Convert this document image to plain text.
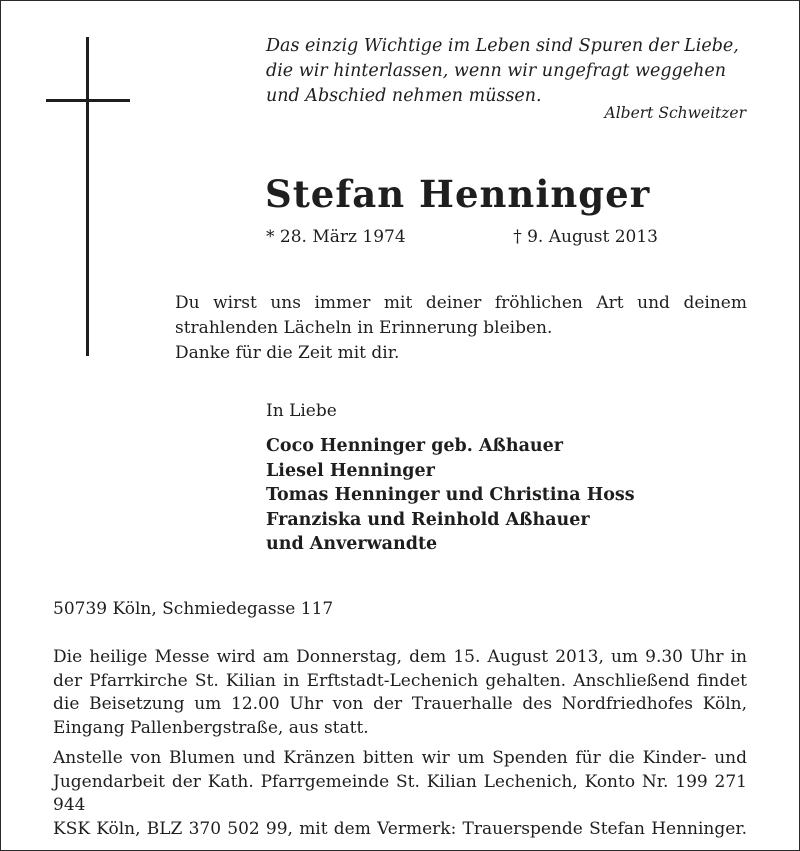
Das einzig Wichtige im Leben sind Spuren der Liebe,
die wir hinterlassen, wenn wir ungefragt weggehen
und Abschied nehmen müssen.
Albert Schweitzer
Stefan Henninger
* 28. März 1974	† 9. August 2013
Du wirst uns immer mit deiner fröhlichen Art und deinem
strahlenden Lächeln in Erinnerung bleiben.
Danke für die Zeit mit dir.
In Liebe
Coco Henninger geb. Aßhauer
Liesel Henninger
Tomas Henninger und Christina Hoss
Franziska und Reinhold Aßhauer
und Anverwandte
50739 Köln, Schmiedegasse 117
Die heilige Messe wird am Donnerstag, dem 15. August 2013, um 9.30 Uhr in
der Pfarrkirche St. Kilian in Erftstadt-Lechenich gehalten. Anschließend findet
die Beisetzung um 12.00 Uhr von der Trauerhalle des Nordfriedhofes Köln,
Eingang Pallenbergstraße, aus statt.
Anstelle von Blumen und Kränzen bitten wir um Spenden für die Kinder- und
Jugendarbeit der Kath. Pfarrgemeinde St. Kilian Lechenich, Konto Nr. 199 271 944
KSK Köln, BLZ 370 502 99, mit dem Vermerk: Trauerspende Stefan Henninger.
